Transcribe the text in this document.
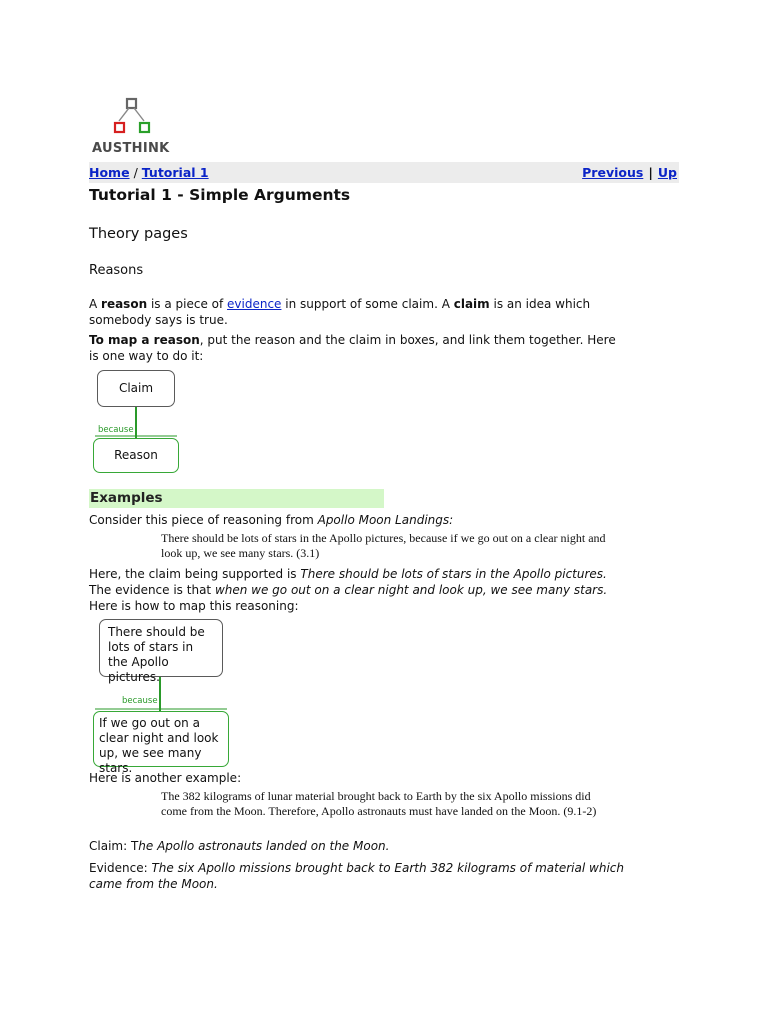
AUSTHINK
Home / Tutorial 1	Previous | Up
Tutorial 1 - Simple Arguments
Theory pages
Reasons
A reason is a piece of evidence in support of some claim. A claim is an idea which somebody says is true.
To map a reason, put the reason and the claim in boxes, and link them together. Here is one way to do it:
Claim
because
Reason
Examples
Consider this piece of reasoning from Apollo Moon Landings:
There should be lots of stars in the Apollo pictures, because if we go out on a clear night and look up, we see many stars. (3.1)
Here, the claim being supported is There should be lots of stars in the Apollo pictures. The evidence is that when we go out on a clear night and look up, we see many stars. Here is how to map this reasoning:
There should be lots of stars in the Apollo pictures.
because
If we go out on a clear night and look up, we see many stars.
Here is another example:
The 382 kilograms of lunar material brought back to Earth by the six Apollo missions did come from the Moon. Therefore, Apollo astronauts must have landed on the Moon. (9.1-2)
Claim: The Apollo astronauts landed on the Moon.
Evidence: The six Apollo missions brought back to Earth 382 kilograms of material which came from the Moon.
